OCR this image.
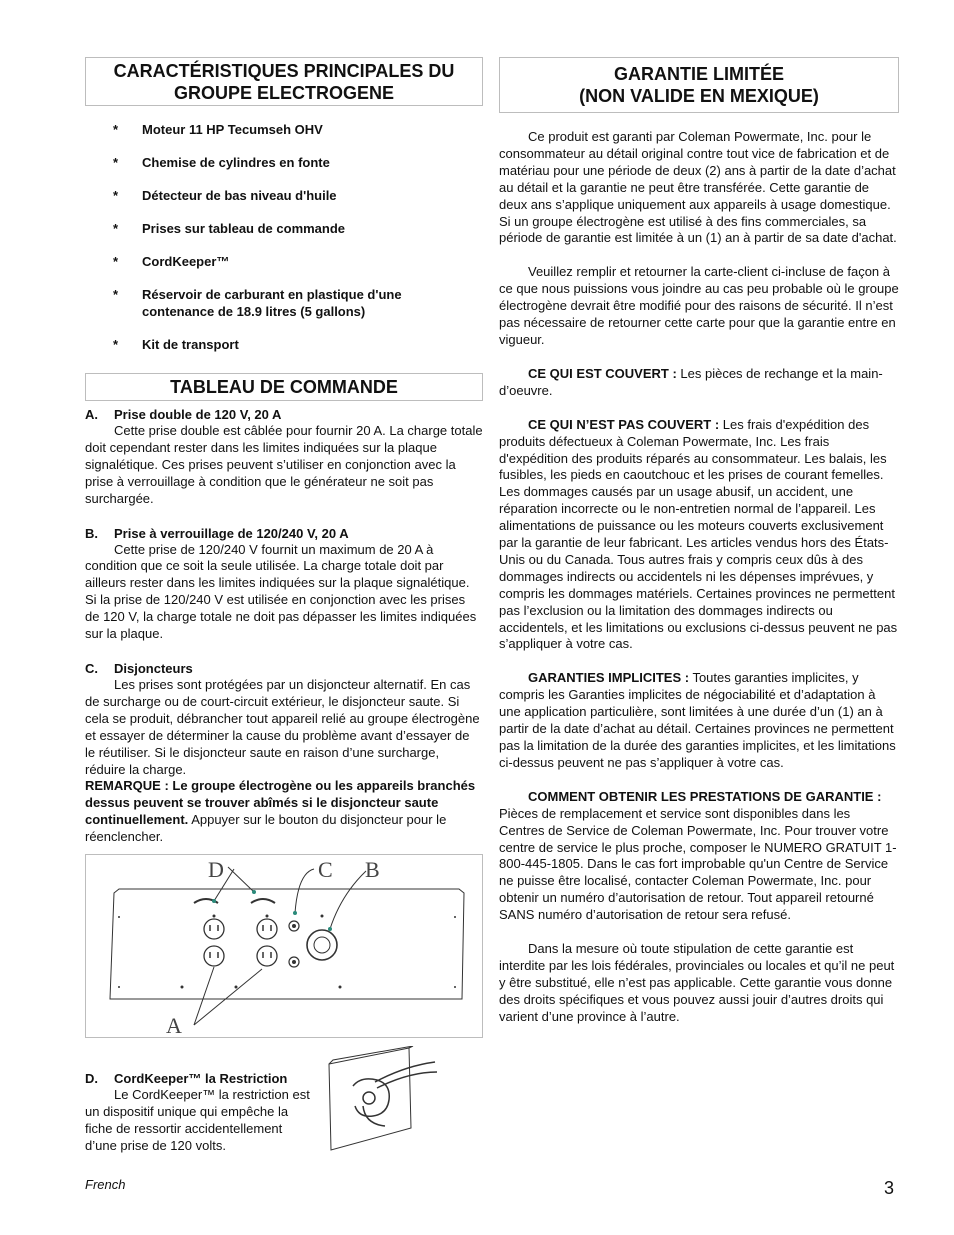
CARACTÉRISTIQUES PRINCIPALES DU
GROUPE ELECTROGENE
* Moteur 11 HP Tecumseh OHV
* Chemise de cylindres en fonte
* Détecteur de bas niveau d'huile
* Prises sur tableau de commande
* CordKeeper™
* Réservoir de carburant en plastique d'une contenance de 18.9 litres (5 gallons)
* Kit de transport
TABLEAU DE COMMANDE

A. Prise double de 120 V, 20 A

Cette prise double est câblée pour fournir 20 A. La charge totale doit cependant rester dans les limites indiquées sur la plaque signalétique. Ces prises peuvent s’utiliser en conjonction avec la prise à verrouillage à condition que le générateur ne soit pas surchargée.

B. Prise à verrouillage de 120/240 V, 20 A

Cette prise de 120/240 V fournit un maximum de 20 A à condition que ce soit la seule utilisée. La charge totale doit par ailleurs rester dans les limites indiquées sur la plaque signalétique. Si la prise de 120/240 V est utilisée en conjonction avec les prises de 120 V, la charge totale ne doit pas dépasser les limites indiquées sur la plaque.

C. Disjoncteurs

Les prises sont protégées par un disjoncteur alternatif. En cas de surcharge ou de court-circuit extérieur, le disjoncteur saute. Si cela se produit, débrancher tout appareil relié au groupe électrogène et essayer de déterminer la cause du problème avant d’essayer de le réutiliser. Si le disjoncteur saute en raison d’une surcharge, réduire la charge.

REMARQUE : Le groupe électrogène ou les appareils branchés dessus peuvent se trouver abîmés si le disjoncteur saute continuellement. Appuyer sur le bouton du disjoncteur pour le réenclencher.

D	C B
A

D. CordKeeper™ la Restriction

Le CordKeeper™ la restriction est un dispositif unique qui empêche la fiche de ressortir accidentellement d’une prise de 120 volts.

GARANTIE LIMITÉE
(NON VALIDE EN MEXIQUE)

Ce produit est garanti par Coleman Powermate, Inc. pour le consommateur au détail original contre tout vice de fabrication et de matériau pour une période de deux (2) ans à partir de la date d’achat au détail et la garantie ne peut être transférée. Cette garantie de deux ans s’applique uniquement aux appareils à usage domestique. Si un groupe électrogène est utilisé à des fins commerciales, sa période de garantie est limitée à un (1) an à partir de sa date d'achat.

Veuillez remplir et retourner la carte-client ci-incluse de façon à ce que nous puissions vous joindre au cas peu probable où le groupe électrogène devrait être modifié pour des raisons de sécurité. Il n’est pas nécessaire de retourner cette carte pour que la garantie entre en vigueur.

CE QUI EST COUVERT : Les pièces de rechange et la main-d’oeuvre.

CE QUI N’EST PAS COUVERT : Les frais d'expédition des produits défectueux à Coleman Powermate, Inc. Les frais d'expédition des produits réparés au consommateur. Les balais, les fusibles, les pieds en caoutchouc et les prises de courant femelles. Les dommages causés par un usage abusif, un accident, une réparation incorrecte ou le non-entretien normal de l’appareil. Les alimentations de puissance ou les moteurs couverts exclusivement par la garantie de leur fabricant. Les articles vendus hors des États-Unis ou du Canada. Tous autres frais y compris ceux dûs à des dommages indirects ou accidentels ni les dépenses imprévues, y compris les dommages matériels. Certaines provinces ne permettent pas l’exclusion ou la limitation des dommages indirects ou accidentels, et les limitations ou exclusions ci-dessus peuvent ne pas s’appliquer à votre cas.

GARANTIES IMPLICITES : Toutes garanties implicites, y compris les Garanties implicites de négociabilité et d’adaptation à une application particulière, sont limitées à une durée d’un (1) an à partir de la date d’achat au détail. Certaines provinces ne permettent pas la limitation de la durée des garanties implicites, et les limitations ci-dessus peuvent ne pas s’appliquer à votre cas.

COMMENT OBTENIR LES PRESTATIONS DE GARANTIE : Pièces de remplacement et service sont disponibles dans les Centres de Service de Coleman Powermate, Inc. Pour trouver votre centre de service le plus proche, composer le NUMERO GRATUIT 1-800-445-1805. Dans le cas fort improbable qu'un Centre de Service ne puisse être localisé, contacter Coleman Powermate, Inc. pour obtenir un numéro d’autorisation de retour. Tout appareil retourné SANS numéro d’autorisation de retour sera refusé.

Dans la mesure où toute stipulation de cette garantie est interdite par les lois fédérales, provinciales ou locales et qu’il ne peut y être substitué, elle n’est pas applicable. Cette garantie vous donne des droits spécifiques et vous pouvez aussi jouir d’autres droits qui varient d’une province à l’autre.

French	3
